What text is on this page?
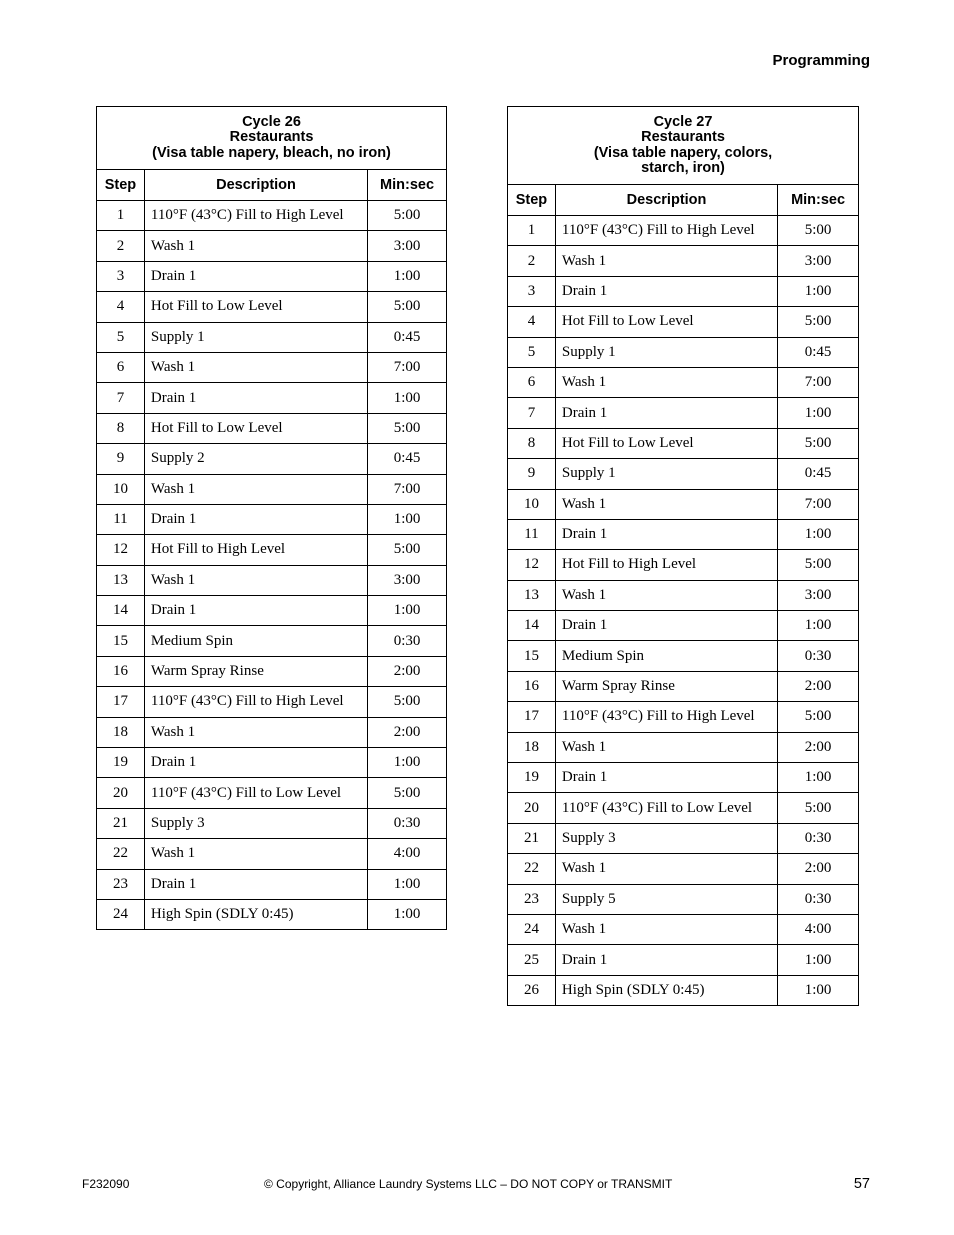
Programming
Cycle 26
Restaurants
(Visa table napery, bleach, no iron)		

Step	Description	Min:sec
1	110°F (43°C) Fill to High Level	5:00
2	Wash 1	3:00
3	Drain 1	1:00
4	Hot Fill to Low Level	5:00
5	Supply 1	0:45
6	Wash 1	7:00
7	Drain 1	1:00
8	Hot Fill to Low Level	5:00
9	Supply 2	0:45
10	Wash 1	7:00
11	Drain 1	1:00
12	Hot Fill to High Level	5:00
13	Wash 1	3:00
14	Drain 1	1:00
15	Medium Spin	0:30
16	Warm Spray Rinse	2:00
17	110°F (43°C) Fill to High Level	5:00
18	Wash 1	2:00
19	Drain 1	1:00
20	110°F (43°C) Fill to Low Level	5:00
21	Supply 3	0:30
22	Wash 1	4:00
23	Drain 1	1:00
24	High Spin (SDLY 0:45)	1:00
Cycle 27
Restaurants
(Visa table napery, colors,
starch, iron)		

Step	Description	Min:sec
1	110°F (43°C) Fill to High Level	5:00
2	Wash 1	3:00
3	Drain 1	1:00
4	Hot Fill to Low Level	5:00
5	Supply 1	0:45
6	Wash 1	7:00
7	Drain 1	1:00
8	Hot Fill to Low Level	5:00
9	Supply 1	0:45
10	Wash 1	7:00
11	Drain 1	1:00
12	Hot Fill to High Level	5:00
13	Wash 1	3:00
14	Drain 1	1:00
15	Medium Spin	0:30
16	Warm Spray Rinse	2:00
17	110°F (43°C) Fill to High Level	5:00
18	Wash 1	2:00
19	Drain 1	1:00
20	110°F (43°C) Fill to Low Level	5:00
21	Supply 3	0:30
22	Wash 1	2:00
23	Supply 5	0:30
24	Wash 1	4:00
25	Drain 1	1:00
26	High Spin (SDLY 0:45)	1:00
F232090	© Copyright, Alliance Laundry Systems LLC – DO NOT COPY or TRANSMIT	57
